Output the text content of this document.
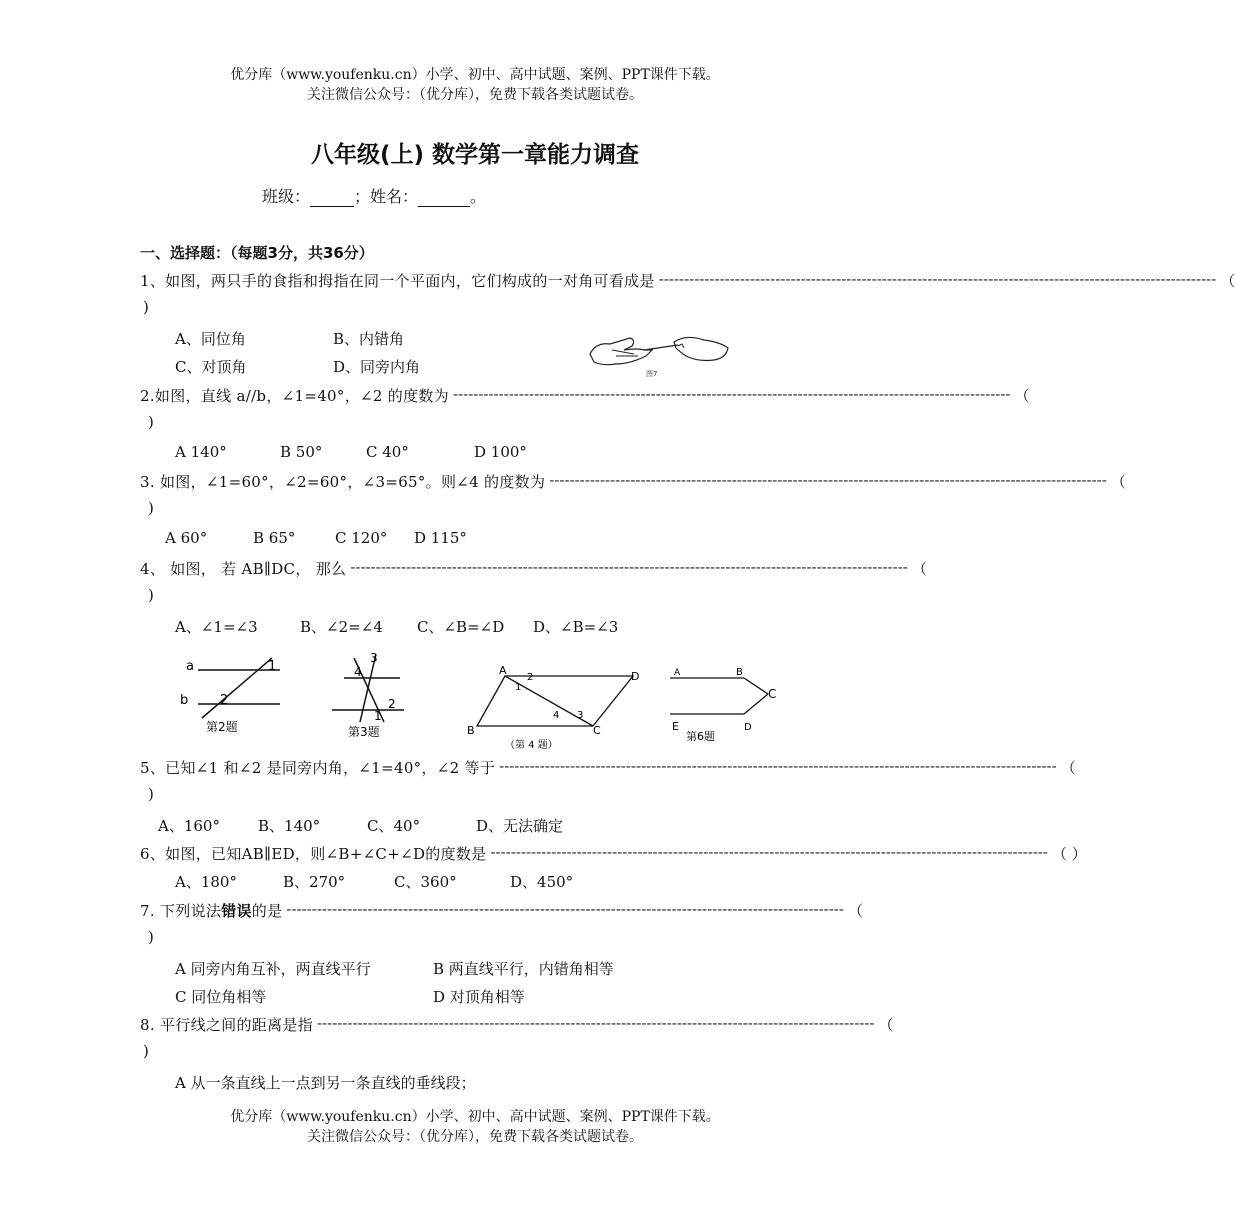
优分库（www.youfenku.cn）小学、初中、高中试题、案例、PPT课件下载。
关注微信公众号：（优分库），免费下载各类试题试卷。
八年级(上) 数学第一章能力调查
班级：	；姓名：	。
一、选择题：（每题3分，共36分）
1、如图，两只手的食指和拇指在同一个平面内，它们构成的一对角可看成是 -------------------------------------------------------------------------------------------------------------- （
)
A、同位角	B、内错角
C、对顶角	D、同旁内角	图7
2.如图，直线 a//b，∠1=40°，∠2 的度数为 -------------------------------------------------------------------------------------------------------------- （
)
A 140°	B 50°	C 40°	D 100°
3. 如图，∠1=60°，∠2=60°，∠3=65°。则∠4 的度数为 -------------------------------------------------------------------------------------------------------------- （
)
A 60°	B 65°	C 120° D 115°
4、 如图， 若 AB∥DC， 那么 -------------------------------------------------------------------------------------------------------------- （
)
A、∠1=∠3	B、∠2=∠4 C、∠B=∠D D、∠B=∠3
a
b
1
2
第2题
3
4
2
1
第3题
A
B	C
D
1
2
3
4
（第 4 题）
A	B
C
D
E
第6题
5、已知∠1 和∠2 是同旁内角，∠1=40°，∠2 等于 -------------------------------------------------------------------------------------------------------------- （
)
A、160°	B、140°	C、40°	D、无法确定
6、如图，已知AB∥ED，则∠B+∠C+∠D的度数是 -------------------------------------------------------------------------------------------------------------- （ ）
A、180°	B、270°	C、360°	D、450°
7. 下列说法错误的是 -------------------------------------------------------------------------------------------------------------- （
)
A 同旁内角互补，两直线平行	B 两直线平行，内错角相等
C 同位角相等	D 对顶角相等
8. 平行线之间的距离是指 -------------------------------------------------------------------------------------------------------------- （
)
A 从一条直线上一点到另一条直线的垂线段；
优分库（www.youfenku.cn）小学、初中、高中试题、案例、PPT课件下载。
关注微信公众号：（优分库），免费下载各类试题试卷。
